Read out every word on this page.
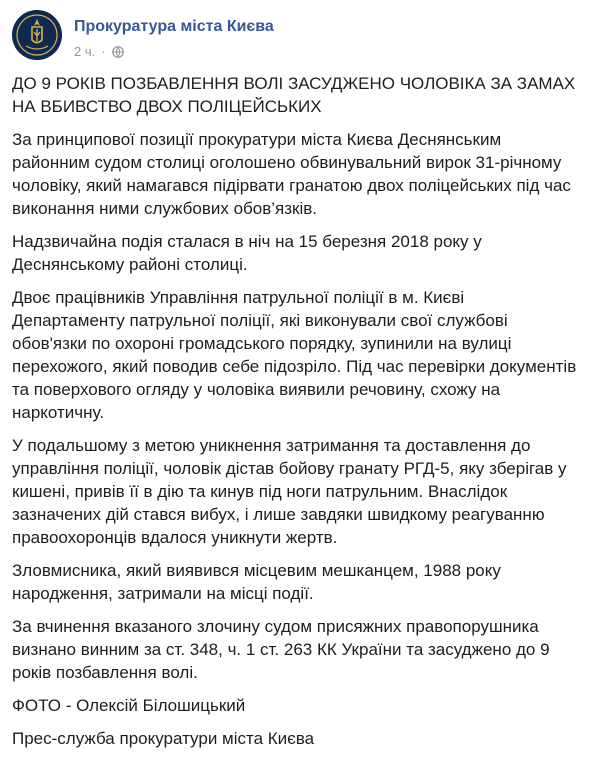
Прокуратура міста Києва
2 ч. ·

ДО 9 РОКІВ ПОЗБАВЛЕННЯ ВОЛІ ЗАСУДЖЕНО ЧОЛОВІКА ЗА ЗАМАХ НА ВБИВСТВО ДВОХ ПОЛІЦЕЙСЬКИХ

За принципової позиції прокуратури міста Києва Деснянським районним судом столиці оголошено обвинувальний вирок 31-річному чоловіку, який намагався підірвати гранатою двох поліцейських під час виконання ними службових обов’язків.

Надзвичайна подія сталася в ніч на 15 березня 2018 року у Деснянському районі столиці.

Двоє працівників Управління патрульної поліції в м. Києві Департаменту патрульної поліції, які виконували свої службові обов'язки по охороні громадського порядку, зупинили на вулиці перехожого, який поводив себе підозріло. Під час перевірки документів та поверхового огляду у чоловіка виявили речовину, схожу на наркотичну.

У подальшому з метою уникнення затримання та доставлення до управління поліції, чоловік дістав бойову гранату РГД-5, яку зберігав у кишені, привів її в дію та кинув під ноги патрульним. Внаслідок зазначених дій стався вибух, і лише завдяки швидкому реагуванню правоохоронців вдалося уникнути жертв.

Зловмисника, який виявився місцевим мешканцем, 1988 року народження, затримали на місці події.

За вчинення вказаного злочину судом присяжних правопорушника визнано винним за ст. 348, ч. 1 ст. 263 КК України та засуджено до 9 років позбавлення волі.

ФОТО - Олексій Білошицький

Прес-служба прокуратури міста Києва
